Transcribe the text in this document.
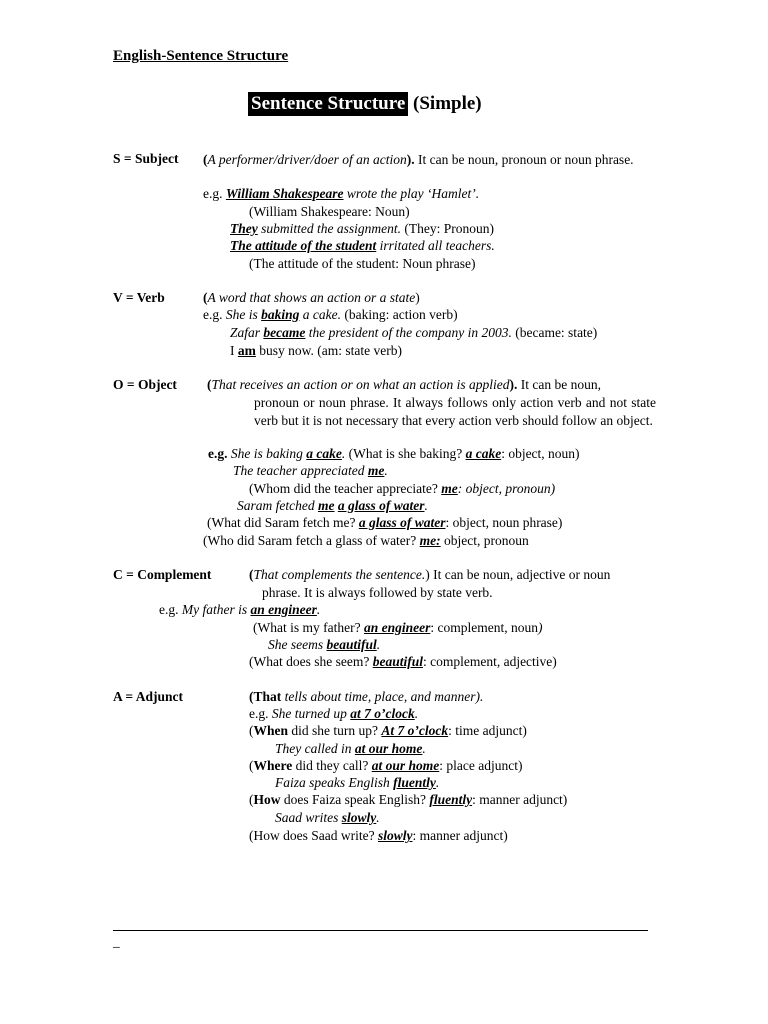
English-Sentence Structure
Sentence Structure (Simple)
S = Subject (A performer/driver/doer of an action). It can be noun, pronoun or noun phrase.
e.g. William Shakespeare wrote the play ‘Hamlet’.
(William Shakespeare: Noun)
They submitted the assignment. (They: Pronoun)
The attitude of the student irritated all teachers.
(The attitude of the student: Noun phrase)
V = Verb	(A word that shows an action or a state)
e.g. She is baking a cake. (baking: action verb)
Zafar became the president of the company in 2003. (became: state)
I am busy now. (am: state verb)
O = Object (That receives an action or on what an action is applied). It can be noun,
pronoun or noun phrase. It always follows only action verb and not state verb but it is not necessary that every action verb should follow an object.
e.g. She is baking a cake. (What is she baking? a cake: object, noun)
The teacher appreciated me.
(Whom did the teacher appreciate? me: object, pronoun)
Saram fetched me a glass of water.
(What did Saram fetch me? a glass of water: object, noun phrase)
(Who did Saram fetch a glass of water? me: object, pronoun
C = Complement	(That complements the sentence.) It can be noun, adjective or noun
phrase. It is always followed by state verb.
e.g. My father is an engineer.
(What is my father? an engineer: complement, noun)
She seems beautiful.
(What does she seem? beautiful: complement, adjective)
A = Adjunct	(That tells about time, place, and manner).
e.g. She turned up at 7 o’clock.
(When did she turn up? At 7 o’clock: time adjunct)
They called in at our home.
(Where did they call? at our home: place adjunct)
Faiza speaks English fluently.
(How does Faiza speak English? fluently: manner adjunct)
Saad writes slowly.
(How does Saad write? slowly: manner adjunct)
_
